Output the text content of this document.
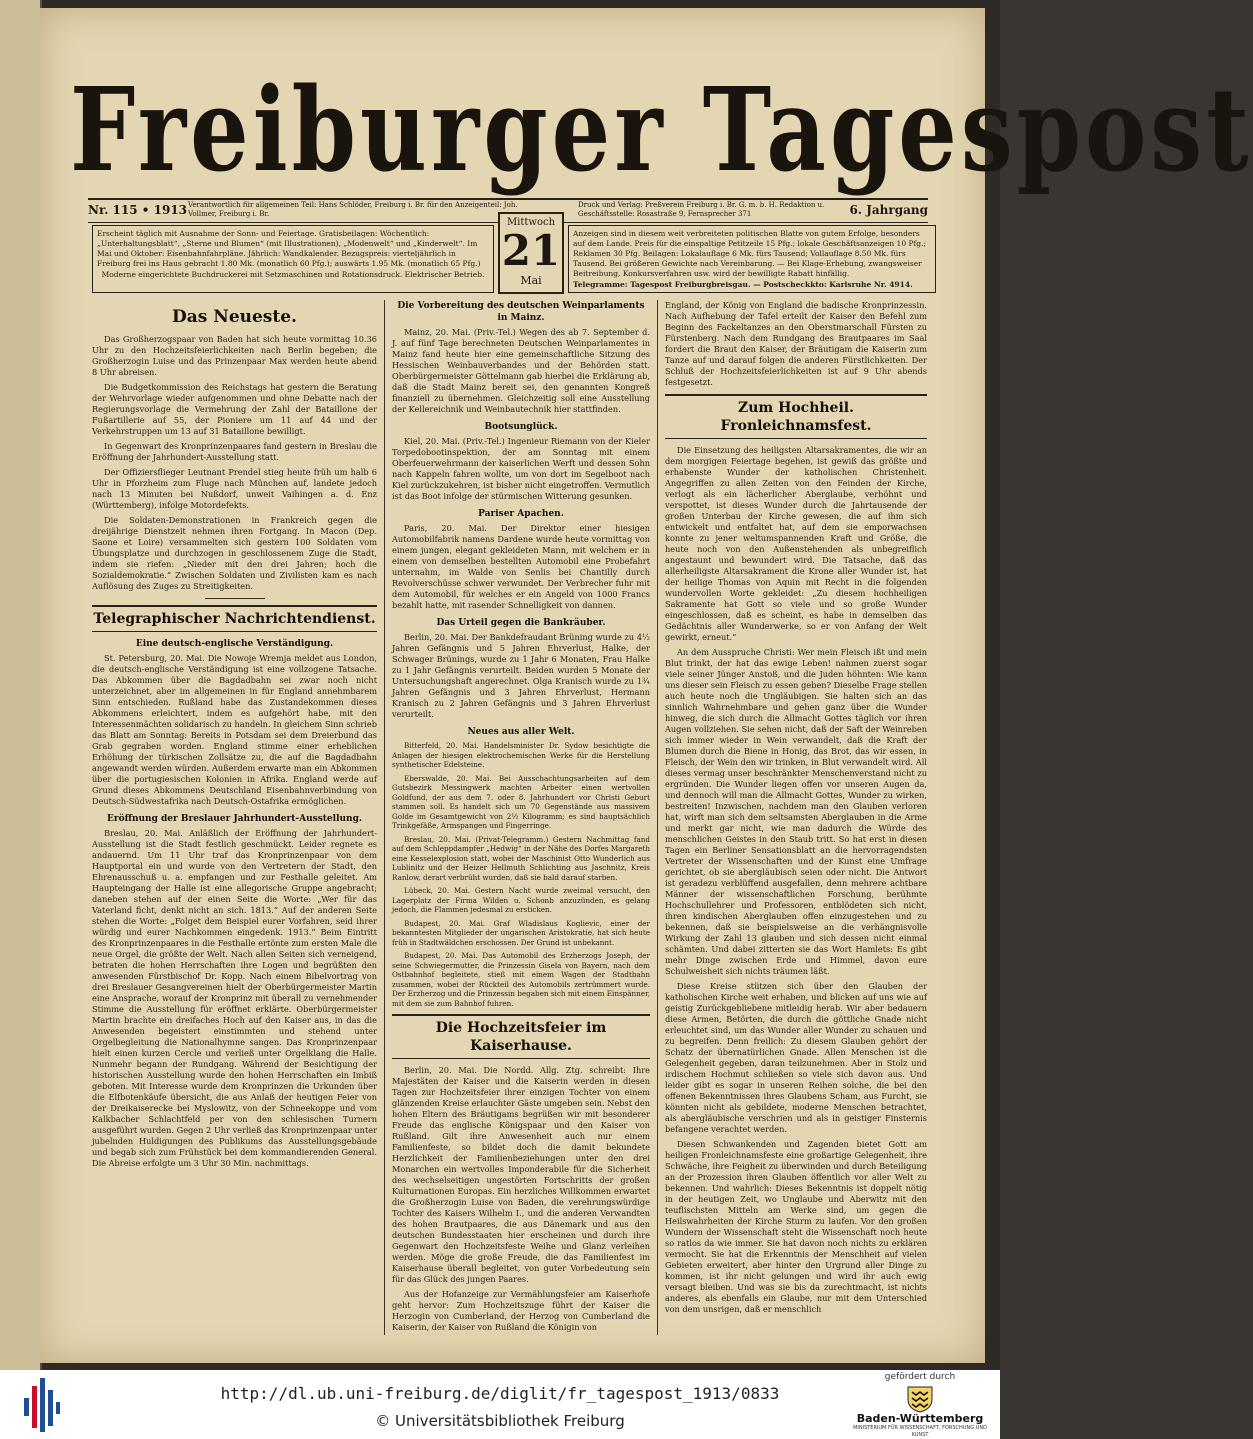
Freiburger Tagespost
Nr. 115 • 1913 Verantwortlich für allgemeinen Teil: Hans Schlöder, Freiburg i. Br. für den Anzeigenteil: Joh. Vollmer, Freiburg i. Br.
Druck und Verlag: Preßverein Freiburg i. Br. G. m. b. H. Redaktion u. Geschäftsstelle: Rosastraße 9, Fernsprecher 371	6. Jahrgang
Mittwoch
21
Mai
Erscheint täglich mit Ausnahme der Sonn- und Feiertage. Gratisbeilagen: Wöchentlich: „Unterhaltungsblatt“, „Sterne und Blumen“ (mit Illustrationen), „Modenwelt“ und „Kinderwelt“. Im Mai und Oktober: Eisenbahnfahrpläne. Jährlich: Wandkalender. Bezugspreis: vierteljährlich in Freiburg frei ins Haus gebracht 1.80 Mk. (monatlich 60 Pfg.); auswärts 1.95 Mk. (monatlich 65 Pfg.)
Moderne eingerichtete Buchdruckerei mit Setzmaschinen und Rotationsdruck. Elektrischer Betrieb.
Anzeigen sind in diesem weit verbreiteten politischen Blatte von gutem Erfolge, besonders auf dem Lande. Preis für die einspaltige Petitzeile 15 Pfg.; lokale Geschäftsanzeigen 10 Pfg.; Reklamen 30 Pfg. Beilagen: Lokalauflage 6 Mk. fürs Tausend; Vollauflage 8.50 Mk. fürs Tausend. Bei größeren Gewichte nach Vereinbarung. — Bei Klage-Erhebung, zwangsweiser Beitreibung, Konkursverfahren usw. wird der bewilligte Rabatt hinfällig.
Telegramme: Tagespost Freiburgbreisgau. — Postscheckkto: Karlsruhe Nr. 4914.
Das Neueste.

Das Großherzogspaar von Baden hat sich heute vormittag 10.36 Uhr zu den Hochzeitsfeierlichkeiten nach Berlin begeben; die Großherzogin Luise und das Prinzenpaar Max werden heute abend 8 Uhr abreisen.

Die Budgetkommission des Reichstags hat gestern die Beratung der Wehrvorlage wieder aufgenommen und ohne Debatte nach der Regierungsvorlage die Vermehrung der Zahl der Bataillone der Fußartillerie auf 55, der Pioniere um 11 auf 44 und der Verkehrstruppen um 13 auf 31 Bataillone bewilligt.

In Gegenwart des Kronprinzenpaares fand gestern in Breslau die Eröffnung der Jahrhundert-Ausstellung statt.

Der Offiziersflieger Leutnant Prendel stieg heute früh um halb 6 Uhr in Pforzheim zum Fluge nach München auf, landete jedoch nach 13 Minuten bei Nußdorf, unweit Vaihingen a. d. Enz (Württemberg), infolge Motordefekts.

Die Soldaten-Demonstrationen in Frankreich gegen die dreijährige Dienstzeit nehmen ihren Fortgang. In Macon (Dep. Saone et Loire) versammelten sich gestern 100 Soldaten vom Übungsplatze und durchzogen in geschlossenem Zuge die Stadt, indem sie riefen: „Nieder mit den drei Jahren; hoch die Sozialdemokratie.“ Zwischen Soldaten und Zivilisten kam es nach Auflösung des Zuges zu Streitigkeiten.

Telegraphischer Nachrichtendienst.
Eine deutsch-englische Verständigung.

St. Petersburg, 20. Mai. Die Nowoje Wremja meldet aus London, die deutsch-englische Verständigung ist eine vollzogene Tatsache. Das Abkommen über die Bagdadbahn sei zwar noch nicht unterzeichnet, aber im allgemeinen in für England annehmbarem Sinn entschieden. Rußland habe das Zustandekommen dieses Abkommens erleichtert, indem es aufgehört habe, mit den Interessenmächten solidarisch zu handeln. In gleichem Sinn schrieb das Blatt am Sonntag: Bereits in Potsdam sei dem Dreierbund das Grab gegraben worden. England stimme einer erheblichen Erhöhung der türkischen Zollsätze zu, die auf die Bagdadbahn angewandt werden würden. Außerdem erwarte man ein Abkommen über die portugiesischen Kolonien in Afrika. England werde auf Grund dieses Abkommens Deutschland Eisenbahnverbindung von Deutsch-Südwestafrika nach Deutsch-Ostafrika ermöglichen.

Eröffnung der Breslauer Jahrhundert-Ausstellung.

Breslau, 20. Mai. Anläßlich der Eröffnung der Jahrhundert-Ausstellung ist die Stadt festlich geschmückt. Leider regnete es andauernd. Um 11 Uhr traf das Kronprinzenpaar von dem Hauptportal ein und wurde von den Vertretern der Stadt, den Ehrenausschuß u. a. empfangen und zur Festhalle geleitet. Am Haupteingang der Halle ist eine allegorische Gruppe angebracht; daneben stehen auf der einen Seite die Worte: „Wer für das Vaterland ficht, denkt nicht an sich. 1813.“ Auf der anderen Seite stehen die Worte: „Folget dem Beispiel eurer Vorfahren, seid ihrer würdig und eurer Nachkommen eingedenk. 1913.“ Beim Eintritt des Kronprinzenpaares in die Festhalle ertönte zum ersten Male die neue Orgel, die größte der Welt. Nach allen Seiten sich verneigend, betraten die hohen Herrschaften ihre Logen und begrüßten den anwesenden Fürstbischof Dr. Kopp. Nach einem Bibelvortrag von drei Breslauer Gesangvereinen hielt der Oberbürgermeister Martin eine Ansprache, worauf der Kronprinz mit überall zu vernehmender Stimme die Ausstellung für eröffnet erklärte. Oberbürgermeister Martin brachte ein dreifaches Hoch auf den Kaiser aus, in das die Anwesenden begeistert einstimmten und stehend unter Orgelbegleitung die Nationalhymne sangen. Das Kronprinzenpaar hielt einen kurzen Cercle und verließ unter Orgelklang die Halle. Nunmehr begann der Rundgang. Während der Besichtigung der historischen Ausstellung wurde den hohen Herrschaften ein Imbiß geboten. Mit Interesse wurde dem Kronprinzen die Urkunden über die Elfbotenkäufe übersicht, die aus Anlaß der heutigen Feier von der Dreikaiserecke bei Myslowitz, von der Schneekoppe und vom Kalkbacher Schlachtfeld per von den schlesischen Turnern ausgeführt wurden. Gegen 2 Uhr verließ das Kronprinzenpaar unter jubelnden Huldigungen des Publikums das Ausstellungsgebäude und begab sich zum Frühstück bei dem kommandierenden General. Die Abreise erfolgte um 3 Uhr 30 Min. nachmittags.

Die Vorbereitung des deutschen Weinparlaments in Mainz.

Mainz, 20. Mai. (Priv.-Tel.) Wegen des ab 7. September d. J. auf fünf Tage berechneten Deutschen Weinparlamentes in Mainz fand heute hier eine gemeinschaftliche Sitzung des Hessischen Weinbauverbandes und der Behörden statt. Oberbürgermeister Göttelmann gab hierbei die Erklärung ab, daß die Stadt Mainz bereit sei, den genannten Kongreß finanziell zu übernehmen. Gleichzeitig soll eine Ausstellung der Kellereichnik und Weinbautechnik hier stattfinden.

Bootsunglück.

Kiel, 20. Mai. (Priv.-Tel.) Ingenieur Riemann von der Kieler Torpedobootinspektion, der am Sonntag mit einem Oberfeuerwehrmann der kaiserlichen Werft und dessen Sohn nach Kappeln fahren wollte, um von dort im Segelboot nach Kiel zurückzukehren, ist bisher nicht eingetroffen. Vermutlich ist das Boot infolge der stürmischen Witterung gesunken.

Pariser Apachen.

Paris, 20. Mai. Der Direktor einer hiesigen Automobilfabrik namens Dardene wurde heute vormittag von einem jungen, elegant gekleideten Mann, mit welchem er in einem von demselben bestellten Automobil eine Probefahrt unternahm, im Walde von Senlis bei Chantilly durch Revolverschüsse schwer verwundet. Der Verbrecher fuhr mit dem Automobil, für welches er ein Angeld von 1000 Francs bezahlt hatte, mit rasender Schnelligkeit von dannen.

Das Urteil gegen die Bankräuber.

Berlin, 20. Mai. Der Bankdefraudant Brüning wurde zu 4½ Jahren Gefängnis und 5 Jahren Ehrverlust, Halke, der Schwager Brünings, wurde zu 1 Jahr 6 Monaten, Frau Halke zu 1 Jahr Gefängnis verurteilt. Beiden wurden 5 Monate der Untersuchungshaft angerechnet. Olga Kranisch wurde zu 1¾ Jahren Gefängnis und 3 Jahren Ehrverlust, Hermann Kranisch zu 2 Jahren Gefängnis und 3 Jahren Ehrverlust verurteilt.

Neues aus aller Welt.

Bitterfeld, 20. Mai. Handelsminister Dr. Sydow besichtigte die Anlagen der hiesigen elektrochemischen Werke für die Herstellung synthetischer Edelsteine.

Eberswalde, 20. Mai. Bei Ausschachtungsarbeiten auf dem Gutsbezirk Messingwerk machten Arbeiter einen wertvollen Goldfund, der aus dem 7. oder 8. Jahrhundert vor Christi Geburt stammen soll. Es handelt sich um 70 Gegenstände aus massivem Golde im Gesamtgewicht von 2½ Kilogramm; es sind hauptsächlich Trinkgefäße, Armspangen und Fingerringe.

Breslau, 20. Mai. (Privat-Telegramm.) Gestern Nachmittag fand auf dem Schleppdampfer „Hedwig“ in der Nähe des Dorfes Margareth eine Kesselexplosion statt, wobei der Maschinist Otto Wunderlich aus Lublinitz und der Heizer Hellmuth Schlichting aus Jaschnitz, Kreis Ranlow, derart verbrüht wurden, daß sie bald darauf starben.

Lübeck, 20. Mai. Gestern Nacht wurde zweimal versucht, den Lagerplatz der Firma Wilden u. Schonb anzuzünden, es gelang jedoch, die Flammen jedesmal zu ersticken.

Budapest, 20. Mai. Graf Wladislaus Koglievic, einer der bekanntesten Mitglieder der ungarischen Aristokratie, hat sich heute früh in Stadtwäldchen erschossen. Der Grund ist unbekannt.

Budapest, 20. Mai. Das Automobil des Erzherzogs Joseph, der seine Schwiegermutter, die Prinzessin Gisela von Bayern, nach dem Ostbahnhof begleitete, stieß mit einem Wagen der Stadtbahn zusammen, wobei der Rückteil des Automobils zertrümmert wurde. Der Erzherzog und die Prinzessin begaben sich mit einem Einspänner, mit dem sie zum Bahnhof fuhren.

Die Hochzeitsfeier im Kaiserhause.

Berlin, 20. Mai. Die Nordd. Allg. Ztg. schreibt: Ihre Majestäten der Kaiser und die Kaiserin werden in diesen Tagen zur Hochzeitsfeier ihrer einzigen Tochter von einem glänzenden Kreise erlauchter Gäste umgeben sein. Nebst den hohen Eltern des Bräutigams begrüßen wir mit besonderer Freude das englische Königspaar und den Kaiser von Rußland. Gilt ihre Anwesenheit auch nur einem Familienfeste, so bildet doch die damit bekundete Herzlichkeit der Familienbeziehungen unter den drei Monarchen ein wertvolles Imponderabile für die Sicherheit des wechselseitigen ungestörten Fortschritts der großen Kulturnationen Europas. Ein herzliches Willkommen erwartet die Großherzogin Luise von Baden, die verehrungswürdige Tochter des Kaisers Wilhelm I., und die anderen Verwandten des hohen Brautpaares, die aus Dänemark und aus den deutschen Bundesstaaten hier erscheinen und durch ihre Gegenwart den Hochzeitsfeste Weihe und Glanz verleihen werden. Möge die große Freude, die das Familienfest im Kaiserhause überall begleitet, von guter Vorbedeutung sein für das Glück des jungen Paares.

Aus der Hofanzeige zur Vermählungsfeier am Kaiserhofe geht hervor: Zum Hochzeitszuge führt der Kaiser die Herzogin von Cumberland, der Herzog von Cumberland die Kaiserin, der Kaiser von Rußland die Königin von

England, der König von England die badische Kronprinzessin. Nach Aufhebung der Tafel erteilt der Kaiser den Befehl zum Beginn des Fackeltanzes an den Oberstmarschall Fürsten zu Fürstenberg. Nach dem Rundgang des Brautpaares im Saal fordert die Braut den Kaiser, der Bräutigam die Kaiserin zum Tanze auf und darauf folgen die anderen Fürstlichkeiten. Der Schluß der Hochzeitsfeierlichkeiten ist auf 9 Uhr abends festgesetzt.

Zum Hochheil. Fronleichnamsfest.

Die Einsetzung des heiligsten Altarsakramentes, die wir an dem morgigen Feiertage begehen, ist gewiß das größte und erhabenste Wunder der katholischen Christenheit. Angegriffen zu allen Zeiten von den Feinden der Kirche, verlogt als ein lächerlicher Aberglaube, verhöhnt und verspottet, ist dieses Wunder durch die Jahrtausende der großen Unterbau der Kirche gewesen, die auf ihm sich entwickelt und entfaltet hat, auf dem sie emporwachsen konnte zu jener weltumspannenden Kraft und Größe, die heute noch von den Außenstehenden als unbegreiflich angestaunt und bewundert wird. Die Tatsache, daß das allerheiligste Altarsakrament die Krone aller Wunder ist, hat der heilige Thomas von Aquin mit Recht in die folgenden wundervollen Worte gekleidet: „Zu diesem hochheiligen Sakramente hat Gott so viele und so große Wunder eingeschlossen, daß es scheint, es habe in demselben das Gedächtnis aller Wunderwerke, so er von Anfang der Welt gewirkt, erneut.“

An dem Ausspruche Christi: Wer mein Fleisch ißt und mein Blut trinkt, der hat das ewige Leben! nahmen zuerst sogar viele seiner Jünger Anstoß, und die Juden höhnten: Wie kann uns dieser sein Fleisch zu essen geben? Dieselbe Frage stellen auch heute noch die Ungläubigen. Sie halten sich an das sinnlich Wahrnehmbare und gehen ganz über die Wunder hinweg, die sich durch die Allmacht Gottes täglich vor ihren Augen vollziehen. Sie sehen nicht, daß der Saft der Weinreben sich immer wieder in Wein verwandelt, daß die Kraft der Blumen durch die Biene in Honig, das Brot, das wir essen, in Fleisch, der Wein den wir trinken, in Blut verwandelt wird. All dieses vermag unser beschränkter Menschenverstand nicht zu ergründen. Die Wunder liegen offen vor unseren Augen da, und dennoch will man die Allmacht Gottes, Wunder zu wirken, bestreiten! Inzwischen, nachdem man den Glauben verloren hat, wirft man sich dem seltsamsten Aberglauben in die Arme und merkt gar nicht, wie man dadurch die Würde des menschlichen Geistes in den Staub tritt. So hat erst in diesen Tagen ein Berliner Sensationsblatt an die hervorragendsten Vertreter der Wissenschaften und der Kunst eine Umfrage gerichtet, ob sie abergläubisch seien oder nicht. Die Antwort ist geradezu verblüffend ausgefallen, denn mehrere achtbare Männer der wissenschaftlichen Forschung, berühmte Hochschullehrer und Professoren, entblödeten sich nicht, ihren kindischen Aberglauben offen einzugestehen und zu bekennen, daß sie beispielsweise an die verhängnisvolle Wirkung der Zahl 13 glauben und sich dessen nicht einmal schämten. Und dabei zitterten sie das Wort Hamlets: Es gibt mehr Dinge zwischen Erde und Himmel, davon eure Schulweisheit sich nichts träumen läßt.

Diese Kreise stützen sich über den Glauben der katholischen Kirche weit erhaben, und blicken auf uns wie auf geistig Zurückgebliebene mitleidig herab. Wir aber bedauern diese Armen, Betörten, die durch die göttliche Gnade nicht erleuchtet sind, um das Wunder aller Wunder zu schauen und zu begreifen. Denn freilich: Zu diesem Glauben gehört der Schatz der übernatürlichen Gnade. Allen Menschen ist die Gelegenheit gegeben, daran teilzunehmen. Aber in Stolz und irdischem Hochmut schließen so viele sich davon aus. Und leider gibt es sogar in unseren Reihen solche, die bei den offenen Bekenntnissen ihres Glaubens Scham, aus Furcht, sie könnten nicht als gebildete, moderne Menschen betrachtet, als abergläubische verschrien und als in geistiger Finsternis befangene verachtet werden.

Diesen Schwankenden und Zagenden bietet Gott am heiligen Fronleichnamsfeste eine großartige Gelegenheit, ihre Schwäche, ihre Feigheit zu überwinden und durch Beteiligung an der Prozession ihren Glauben öffentlich vor aller Welt zu bekennen. Und wahrlich: Dieses Bekenntnis ist doppelt nötig in der heutigen Zeit, wo Unglaube und Aberwitz mit den teuflischsten Mitteln am Werke sind, um gegen die Heilswahrheiten der Kirche Sturm zu laufen. Vor den großen Wundern der Wissenschaft steht die Wissenschaft noch heute so ratlos da wie immer. Sie hat davon noch nichts zu erklären vermocht. Sie hat die Erkenntnis der Menschheit auf vielen Gebieten erweitert, aber hinter den Urgrund aller Dinge zu kommen, ist ihr nicht gelungen und wird ihr auch ewig versagt bleiben. Und was sie bis da zurechtmacht, ist nichts anderes, als ebenfalls ein Glaube, nur mit dem Unterschied von dem unsrigen, daß er menschlich

http://dl.ub.uni-freiburg.de/diglit/fr_tagespost_1913/0833
© Universitätsbibliothek Freiburg
gefördert durch
Baden-Württemberg
MINISTERIUM FÜR WISSENSCHAFT, FORSCHUNG UND KUNST
